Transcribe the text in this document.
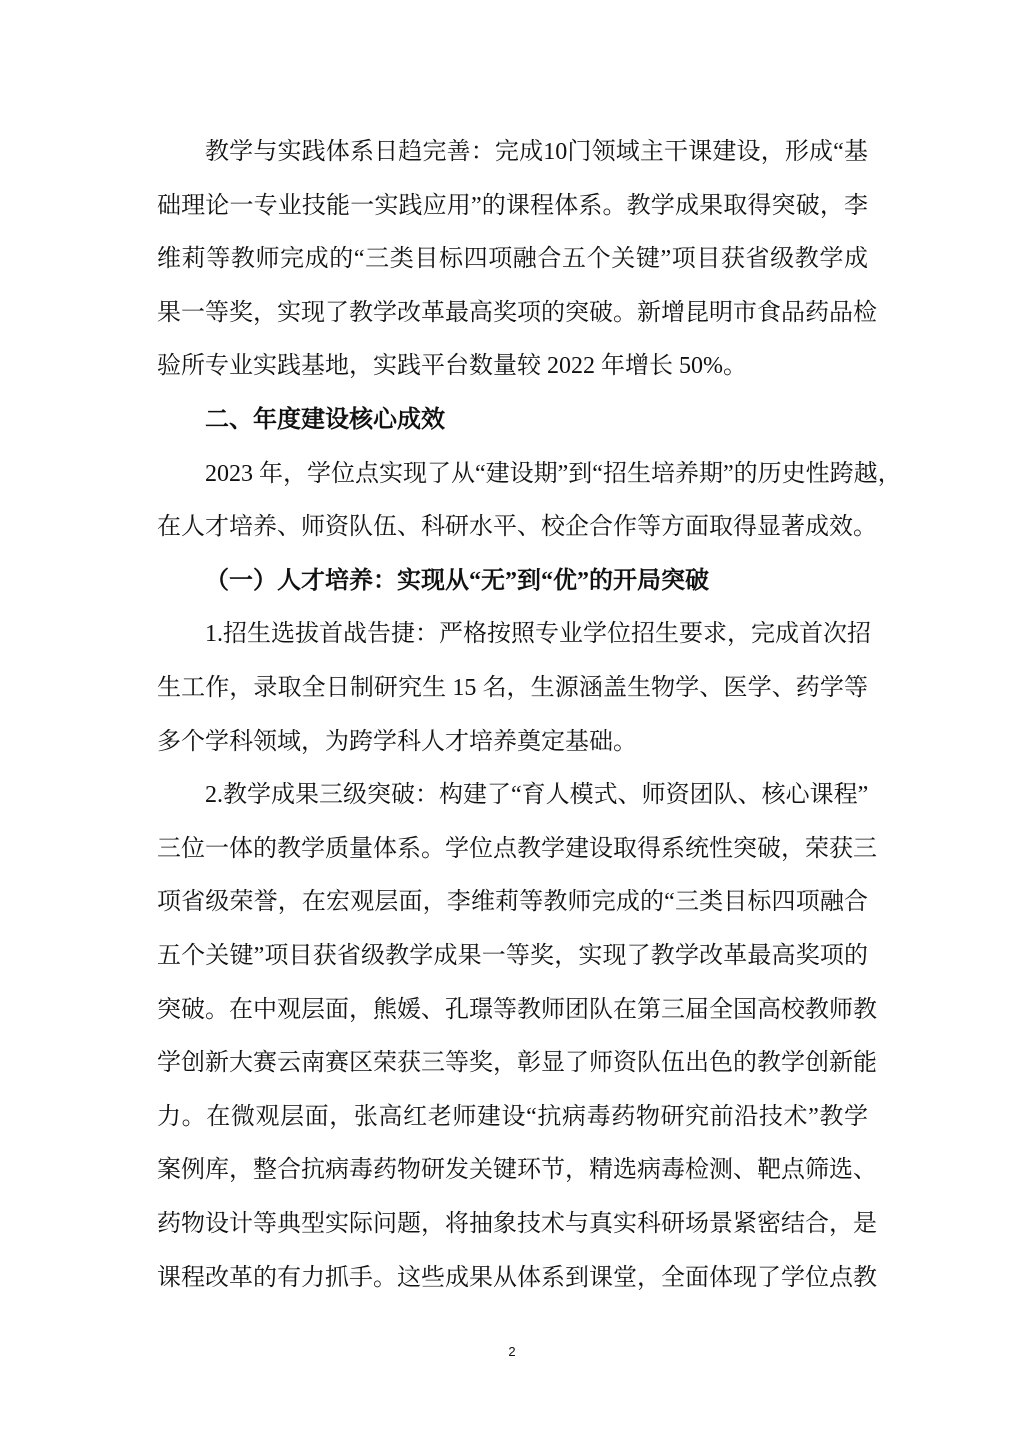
教学与实践体系日趋完善：完成10门领域主干课建设，形成“基
础理论一专业技能一实践应用”的课程体系。教学成果取得突破，李
维莉等教师完成的“三类目标四项融合五个关键”项目获省级教学成
果一等奖，实现了教学改革最高奖项的突破。新增昆明市食品药品检
验所专业实践基地，实践平台数量较 2022 年增长 50%。
二、年度建设核心成效
2023 年，学位点实现了从“建设期”到“招生培养期”的历史性跨越，
在人才培养、师资队伍、科研水平、校企合作等方面取得显著成效。
（一）人才培养：实现从“无”到“优”的开局突破
1.招生选拔首战告捷：严格按照专业学位招生要求，完成首次招
生工作，录取全日制研究生 15 名，生源涵盖生物学、医学、药学等
多个学科领域，为跨学科人才培养奠定基础。
2.教学成果三级突破：构建了“育人模式、师资团队、核心课程”
三位一体的教学质量体系。学位点教学建设取得系统性突破，荣获三
项省级荣誉，在宏观层面，李维莉等教师完成的“三类目标四项融合
五个关键”项目获省级教学成果一等奖，实现了教学改革最高奖项的
突破。在中观层面，熊媛、孔璟等教师团队在第三届全国高校教师教
学创新大赛云南赛区荣获三等奖，彰显了师资队伍出色的教学创新能
力。在微观层面，张高红老师建设“抗病毒药物研究前沿技术”教学
案例库，整合抗病毒药物研发关键环节，精选病毒检测、靶点筛选、
药物设计等典型实际问题，将抽象技术与真实科研场景紧密结合，是
课程改革的有力抓手。这些成果从体系到课堂，全面体现了学位点教
2
